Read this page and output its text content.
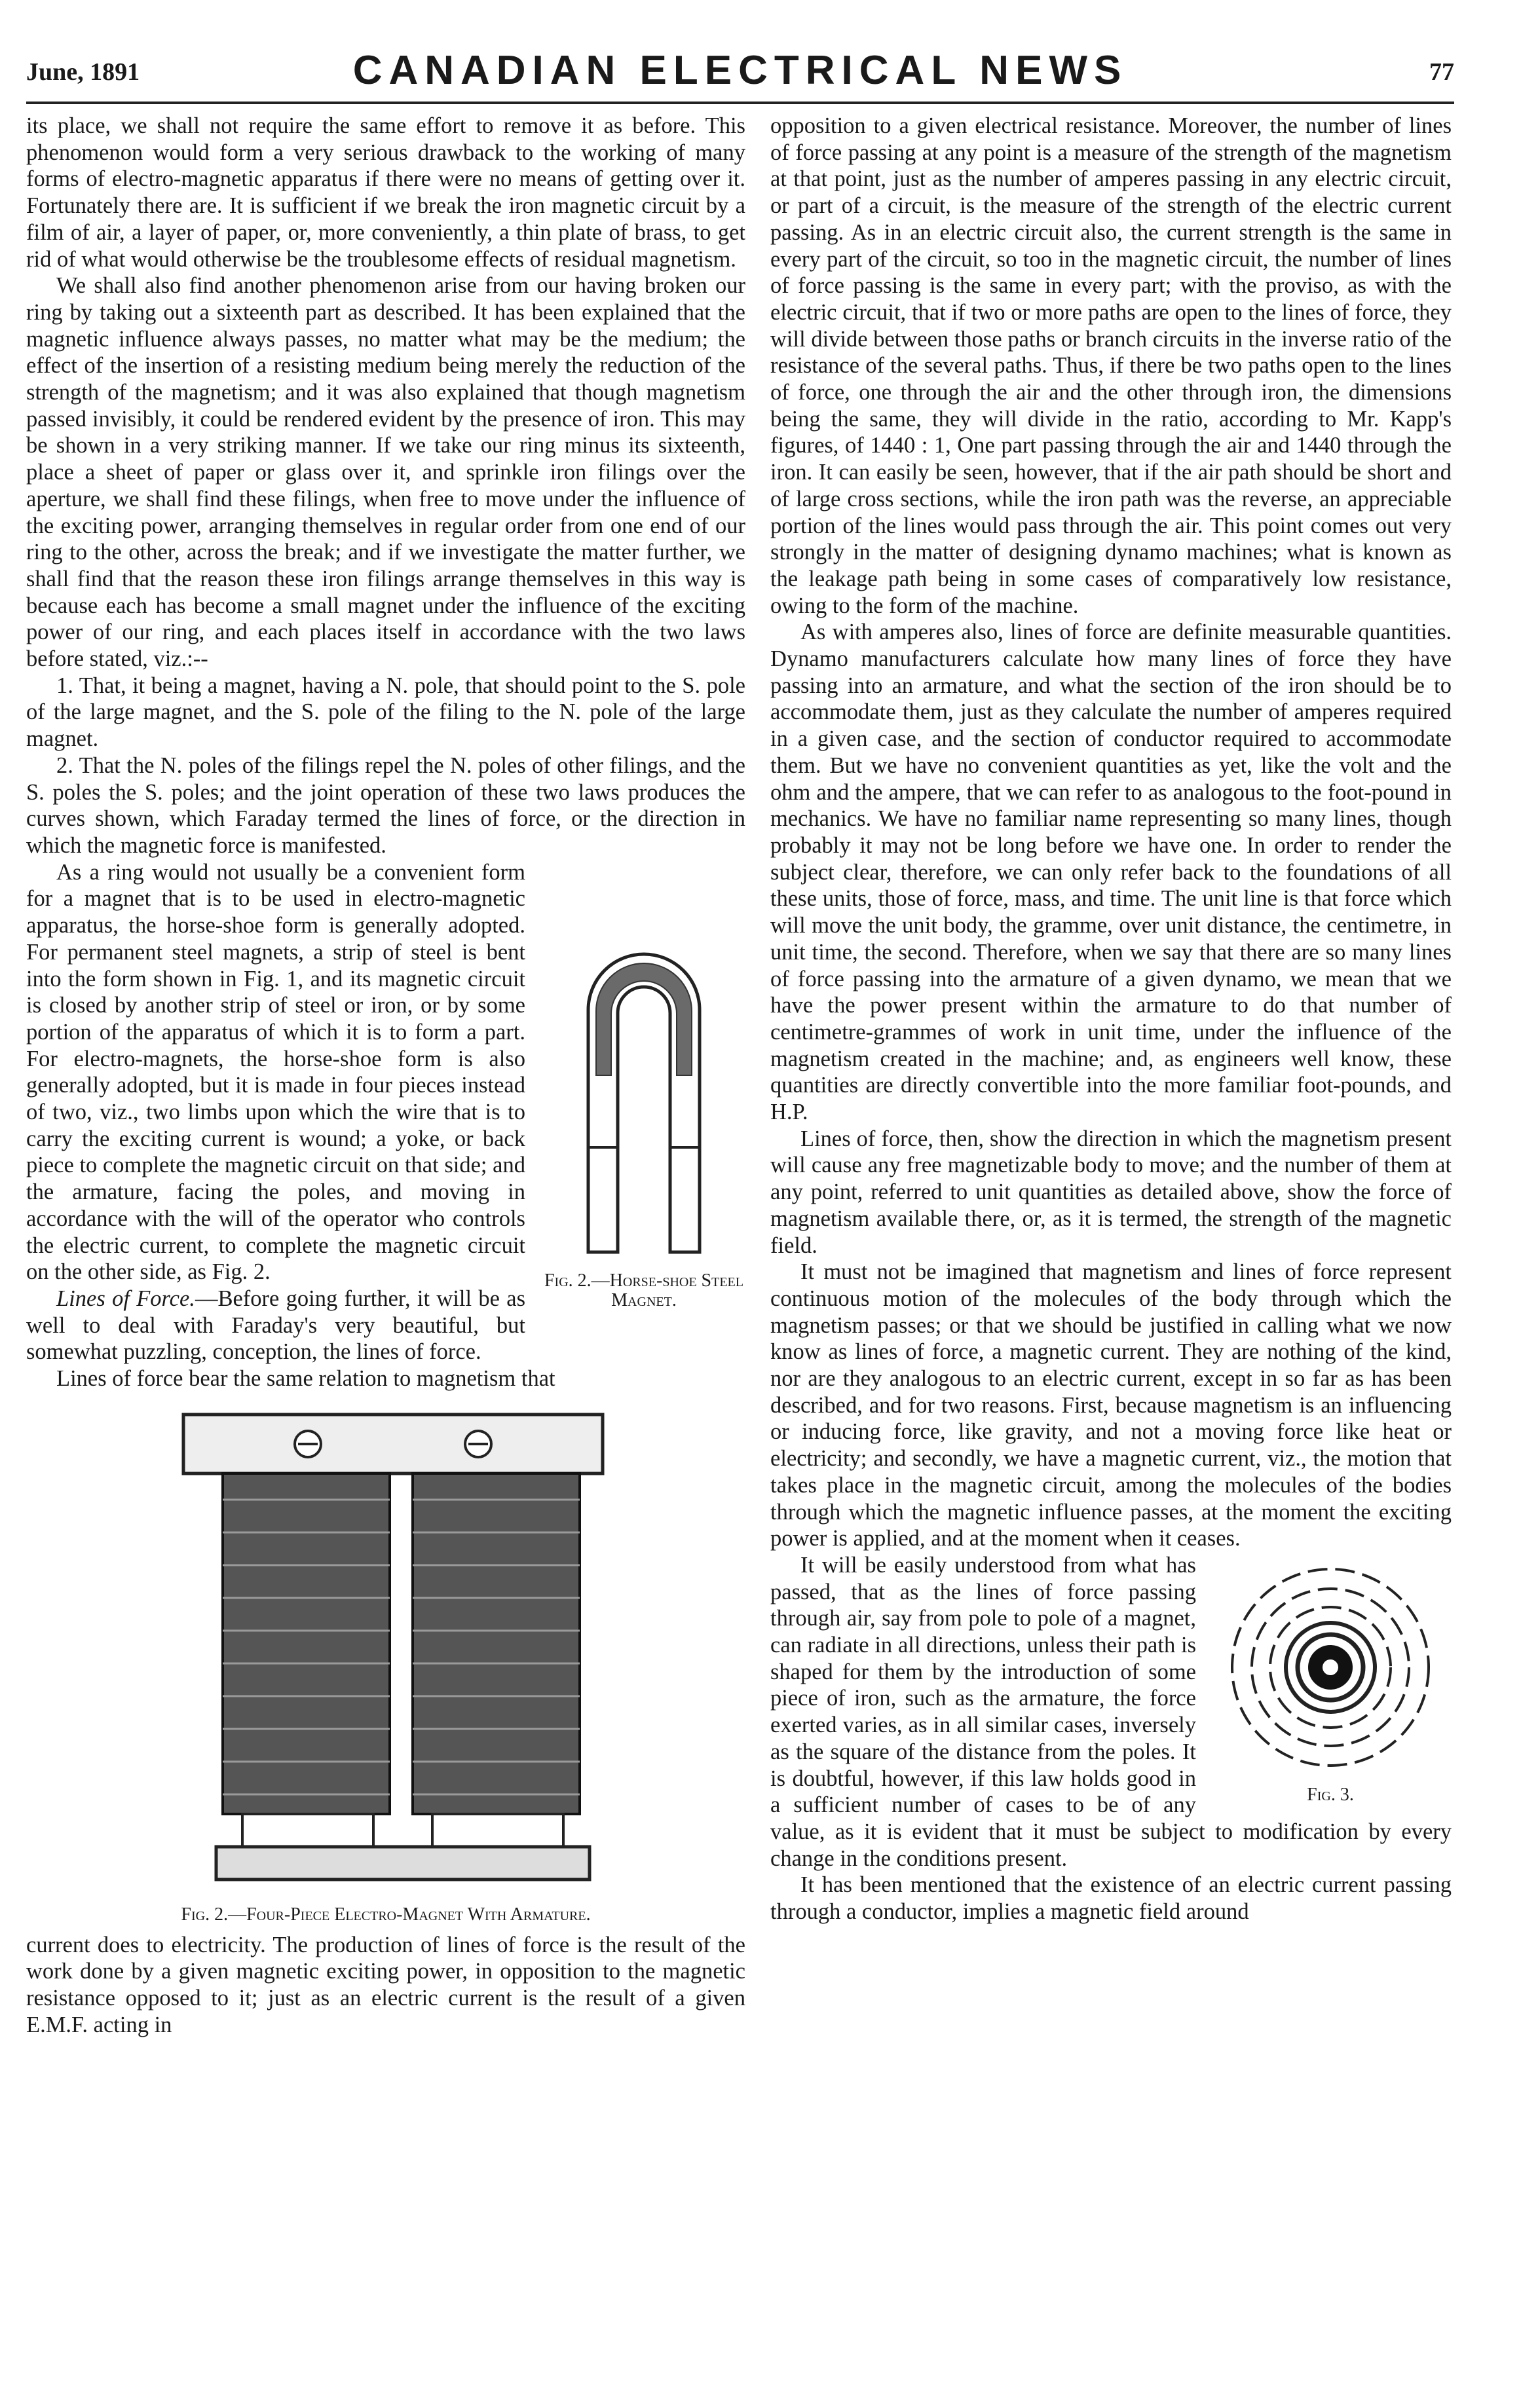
June, 1891	CANADIAN ELECTRICAL NEWS	77

its place, we shall not require the same effort to remove it as before. This phenomenon would form a very serious drawback to the working of many forms of electro-magnetic apparatus if there were no means of getting over it. Fortunately there are. It is sufficient if we break the iron magnetic circuit by a film of air, a layer of paper, or, more conveniently, a thin plate of brass, to get rid of what would otherwise be the troublesome effects of residual magnetism.

We shall also find another phenomenon arise from our having broken our ring by taking out a sixteenth part as described. It has been explained that the magnetic influence always passes, no matter what may be the medium; the effect of the insertion of a resisting medium being merely the reduction of the strength of the magnetism; and it was also explained that though magnetism passed invisibly, it could be rendered evident by the presence of iron. This may be shown in a very striking manner. If we take our ring minus its sixteenth, place a sheet of paper or glass over it, and sprinkle iron filings over the aperture, we shall find these filings, when free to move under the influence of the exciting power, arranging themselves in regular order from one end of our ring to the other, across the break; and if we investigate the matter further, we shall find that the reason these iron filings arrange themselves in this way is because each has become a small magnet under the influence of the exciting power of our ring, and each places itself in accordance with the two laws before stated, viz.:--

1. That, it being a magnet, having a N. pole, that should point to the S. pole of the large magnet, and the S. pole of the filing to the N. pole of the large magnet.

2. That the N. poles of the filings repel the N. poles of other filings, and the S. poles the S. poles; and the joint operation of these two laws produces the curves shown, which Faraday termed the lines of force, or the direction in which the magnetic force is manifested.

Fig. 2.—Horse-shoe Steel Magnet.

As a ring would not usually be a convenient form for a magnet that is to be used in electro-magnetic apparatus, the horse-shoe form is generally adopted. For permanent steel magnets, a strip of steel is bent into the form shown in Fig. 1, and its magnetic circuit is closed by another strip of steel or iron, or by some portion of the apparatus of which it is to form a part. For electro-magnets, the horse-shoe form is also generally adopted, but it is made in four pieces instead of two, viz., two limbs upon which the wire that is to carry the exciting current is wound; a yoke, or back piece to complete the magnetic circuit on that side; and the armature, facing the poles, and moving in accordance with the will of the operator who controls the electric current, to complete the magnetic circuit on the other side, as Fig. 2.

Lines of Force.—Before going further, it will be as well to deal with Faraday's very beautiful, but somewhat puzzling, conception, the lines of force.

Lines of force bear the same relation to magnetism that

Fig. 2.—Four-Piece Electro-Magnet With Armature.

current does to electricity. The production of lines of force is the result of the work done by a given magnetic exciting power, in opposition to the magnetic resistance opposed to it; just as an electric current is the result of a given E.M.F. acting in

opposition to a given electrical resistance. Moreover, the number of lines of force passing at any point is a measure of the strength of the magnetism at that point, just as the number of amperes passing in any electric circuit, or part of a circuit, is the measure of the strength of the electric current passing. As in an electric circuit also, the current strength is the same in every part of the circuit, so too in the magnetic circuit, the number of lines of force passing is the same in every part; with the proviso, as with the electric circuit, that if two or more paths are open to the lines of force, they will divide between those paths or branch circuits in the inverse ratio of the resistance of the several paths. Thus, if there be two paths open to the lines of force, one through the air and the other through iron, the dimensions being the same, they will divide in the ratio, according to Mr. Kapp's figures, of 1440 : 1, One part passing through the air and 1440 through the iron. It can easily be seen, however, that if the air path should be short and of large cross sections, while the iron path was the reverse, an appreciable portion of the lines would pass through the air. This point comes out very strongly in the matter of designing dynamo machines; what is known as the leakage path being in some cases of comparatively low resistance, owing to the form of the machine.

As with amperes also, lines of force are definite measurable quantities. Dynamo manufacturers calculate how many lines of force they have passing into an armature, and what the section of the iron should be to accommodate them, just as they calculate the number of amperes required in a given case, and the section of conductor required to accommodate them. But we have no convenient quantities as yet, like the volt and the ohm and the ampere, that we can refer to as analogous to the foot-pound in mechanics. We have no familiar name representing so many lines, though probably it may not be long before we have one. In order to render the subject clear, therefore, we can only refer back to the foundations of all these units, those of force, mass, and time. The unit line is that force which will move the unit body, the gramme, over unit distance, the centimetre, in unit time, the second. Therefore, when we say that there are so many lines of force passing into the armature of a given dynamo, we mean that we have the power present within the armature to do that number of centimetre-grammes of work in unit time, under the influence of the magnetism created in the machine; and, as engineers well know, these quantities are directly convertible into the more familiar foot-pounds, and H.P.

Lines of force, then, show the direction in which the magnetism present will cause any free magnetizable body to move; and the number of them at any point, referred to unit quantities as detailed above, show the force of magnetism available there, or, as it is termed, the strength of the magnetic field.

It must not be imagined that magnetism and lines of force represent continuous motion of the molecules of the body through which the magnetism passes; or that we should be justified in calling what we now know as lines of force, a magnetic current. They are nothing of the kind, nor are they analogous to an electric current, except in so far as has been described, and for two reasons. First, because magnetism is an influencing or inducing force, like gravity, and not a moving force like heat or electricity; and secondly, we have a magnetic current, viz., the motion that takes place in the magnetic circuit, among the molecules of the bodies through which the magnetic influence passes, at the moment the exciting power is applied, and at the moment when it ceases.

Fig. 3.

It will be easily understood from what has passed, that as the lines of force passing through air, say from pole to pole of a magnet, can radiate in all directions, unless their path is shaped for them by the introduction of some piece of iron, such as the armature, the force exerted varies, as in all similar cases, inversely as the square of the distance from the poles. It is doubtful, however, if this law holds good in a sufficient number of cases to be of any value, as it is evident that it must be subject to modification by every change in the conditions present.

It has been mentioned that the existence of an electric current passing through a conductor, implies a magnetic field around
